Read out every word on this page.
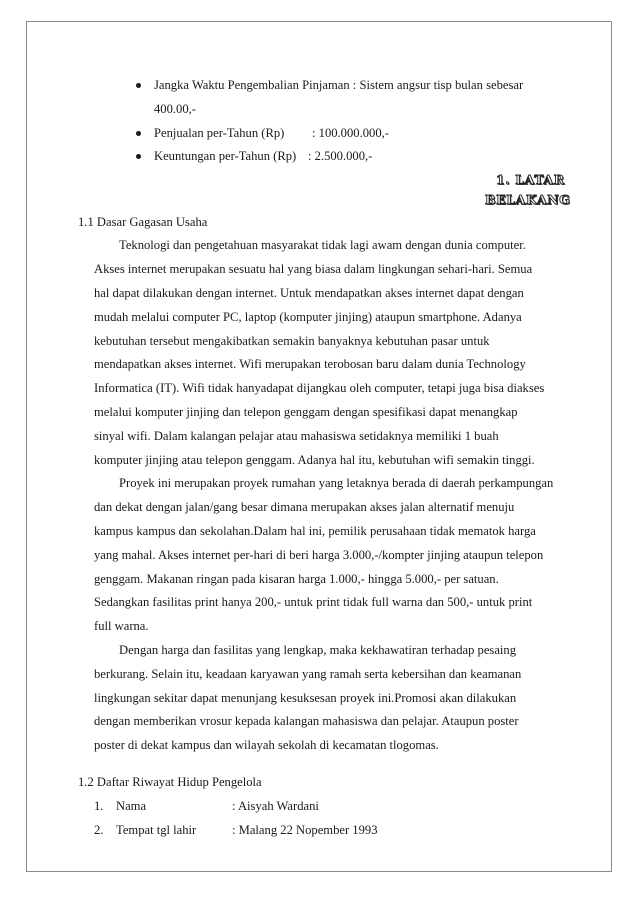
Jangka Waktu Pengembalian Pinjaman : Sistem angsur tisp bulan sebesar
400.00,-
Penjualan per-Tahun (Rp) : 100.000.000,-
Keuntungan per-Tahun (Rp) : 2.500.000,-
1. LATAR
BELAKANG
1.1 Dasar Gagasan Usaha
Teknologi dan pengetahuan masyarakat tidak lagi awam dengan dunia computer.
Akses internet merupakan sesuatu hal yang biasa dalam lingkungan sehari-hari. Semua
hal dapat dilakukan dengan internet. Untuk mendapatkan akses internet dapat dengan
mudah melalui computer PC, laptop (komputer jinjing) ataupun smartphone. Adanya
kebutuhan tersebut mengakibatkan semakin banyaknya kebutuhan pasar untuk
mendapatkan akses internet. Wifi merupakan terobosan baru dalam dunia Technology
Informatica (IT). Wifi tidak hanyadapat dijangkau oleh computer, tetapi juga bisa diakses
melalui komputer jinjing dan telepon genggam dengan spesifikasi dapat menangkap
sinyal wifi. Dalam kalangan pelajar atau mahasiswa setidaknya memiliki 1 buah
komputer jinjing atau telepon genggam. Adanya hal itu, kebutuhan wifi semakin tinggi.
Proyek ini merupakan proyek rumahan yang letaknya berada di daerah perkampungan
dan dekat dengan jalan/gang besar dimana merupakan akses jalan alternatif menuju
kampus kampus dan sekolahan.Dalam hal ini, pemilik perusahaan tidak mematok harga
yang mahal. Akses internet per-hari di beri harga 3.000,-/kompter jinjing ataupun telepon
genggam. Makanan ringan pada kisaran harga 1.000,- hingga 5.000,- per satuan.
Sedangkan fasilitas print hanya 200,- untuk print tidak full warna dan 500,- untuk print
full warna.
Dengan harga dan fasilitas yang lengkap, maka kekhawatiran terhadap pesaing
berkurang. Selain itu, keadaan karyawan yang ramah serta kebersihan dan keamanan
lingkungan sekitar dapat menunjang kesuksesan proyek ini.Promosi akan dilakukan
dengan memberikan vrosur kepada kalangan mahasiswa dan pelajar. Ataupun poster
poster di dekat kampus dan wilayah sekolah di kecamatan tlogomas.
1.2 Daftar Riwayat Hidup Pengelola
1. Nama	: Aisyah Wardani
2. Tempat tgl lahir	: Malang 22 Nopember 1993
